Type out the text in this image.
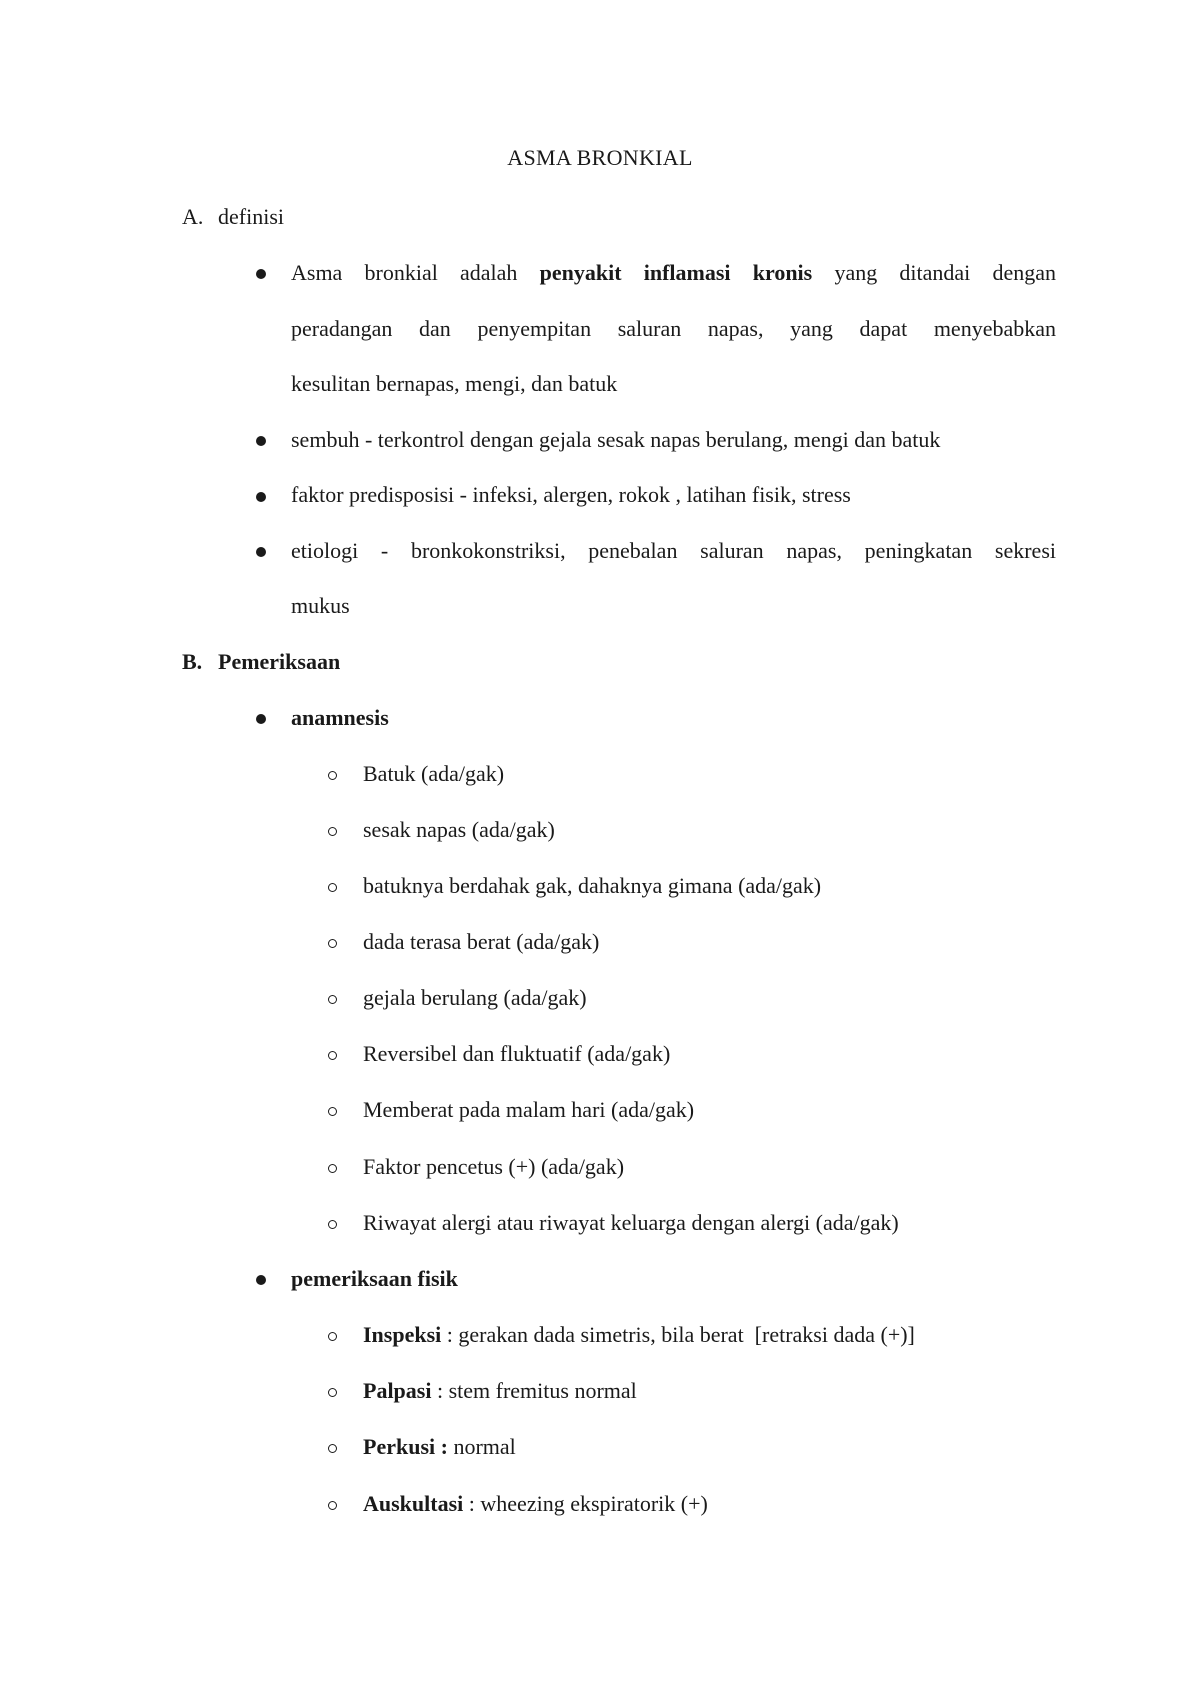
ASMA BRONKIAL
A. definisi
Asma bronkial adalah penyakit inflamasi kronis yang ditandai dengan
peradangan dan penyempitan saluran napas, yang dapat menyebabkan
kesulitan bernapas, mengi, dan batuk
sembuh - terkontrol dengan gejala sesak napas berulang, mengi dan batuk
faktor predisposisi - infeksi, alergen, rokok , latihan fisik, stress
etiologi - bronkokonstriksi, penebalan saluran napas, peningkatan sekresi
mukus
B. Pemeriksaan
anamnesis
Batuk (ada/gak)
sesak napas (ada/gak)
batuknya berdahak gak, dahaknya gimana (ada/gak)
dada terasa berat (ada/gak)
gejala berulang (ada/gak)
Reversibel dan fluktuatif (ada/gak)
Memberat pada malam hari (ada/gak)
Faktor pencetus (+) (ada/gak)
Riwayat alergi atau riwayat keluarga dengan alergi (ada/gak)
pemeriksaan fisik
Inspeksi : gerakan dada simetris, bila berat  [retraksi dada (+)]
Palpasi : stem fremitus normal
Perkusi : normal
Auskultasi : wheezing ekspiratorik (+)
